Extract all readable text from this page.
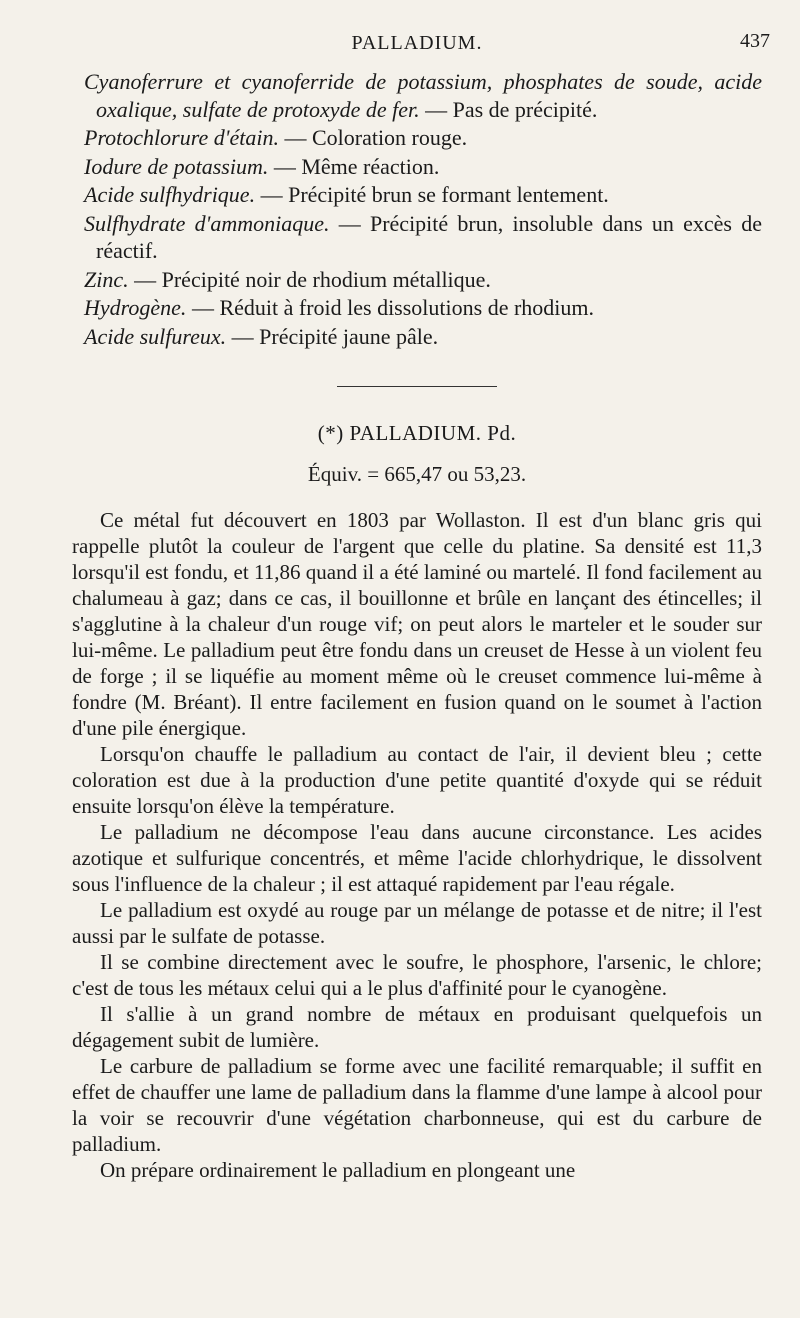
PALLADIUM.	437

Cyanoferrure et cyanoferride de potassium, phosphates de soude, acide oxalique, sulfate de protoxyde de fer. — Pas de précipité.

Protochlorure d'étain. — Coloration rouge.

Iodure de potassium. — Même réaction.

Acide sulfhydrique. — Précipité brun se formant lentement.

Sulfhydrate d'ammoniaque. — Précipité brun, insoluble dans un excès de réactif.

Zinc. — Précipité noir de rhodium métallique.

Hydrogène. — Réduit à froid les dissolutions de rhodium.

Acide sulfureux. — Précipité jaune pâle.

(*) PALLADIUM. Pd.
Équiv. = 665,47 ou 53,23.

Ce métal fut découvert en 1803 par Wollaston. Il est d'un blanc gris qui rappelle plutôt la couleur de l'argent que celle du platine. Sa densité est 11,3 lorsqu'il est fondu, et 11,86 quand il a été laminé ou martelé. Il fond facilement au chalumeau à gaz; dans ce cas, il bouillonne et brûle en lançant des étincelles; il s'agglutine à la chaleur d'un rouge vif; on peut alors le marteler et le souder sur lui-même. Le palladium peut être fondu dans un creuset de Hesse à un violent feu de forge ; il se liquéfie au moment même où le creuset commence lui-même à fondre (M. Bréant). Il entre facilement en fusion quand on le soumet à l'action d'une pile énergique.

Lorsqu'on chauffe le palladium au contact de l'air, il devient bleu ; cette coloration est due à la production d'une petite quantité d'oxyde qui se réduit ensuite lorsqu'on élève la température.

Le palladium ne décompose l'eau dans aucune circonstance. Les acides azotique et sulfurique concentrés, et même l'acide chlorhydrique, le dissolvent sous l'influence de la chaleur ; il est attaqué rapidement par l'eau régale.

Le palladium est oxydé au rouge par un mélange de potasse et de nitre; il l'est aussi par le sulfate de potasse.

Il se combine directement avec le soufre, le phosphore, l'arsenic, le chlore; c'est de tous les métaux celui qui a le plus d'affinité pour le cyanogène.

Il s'allie à un grand nombre de métaux en produisant quelquefois un dégagement subit de lumière.

Le carbure de palladium se forme avec une facilité remarquable; il suffit en effet de chauffer une lame de palladium dans la flamme d'une lampe à alcool pour la voir se recouvrir d'une végétation charbonneuse, qui est du carbure de palladium.

On prépare ordinairement le palladium en plongeant une
